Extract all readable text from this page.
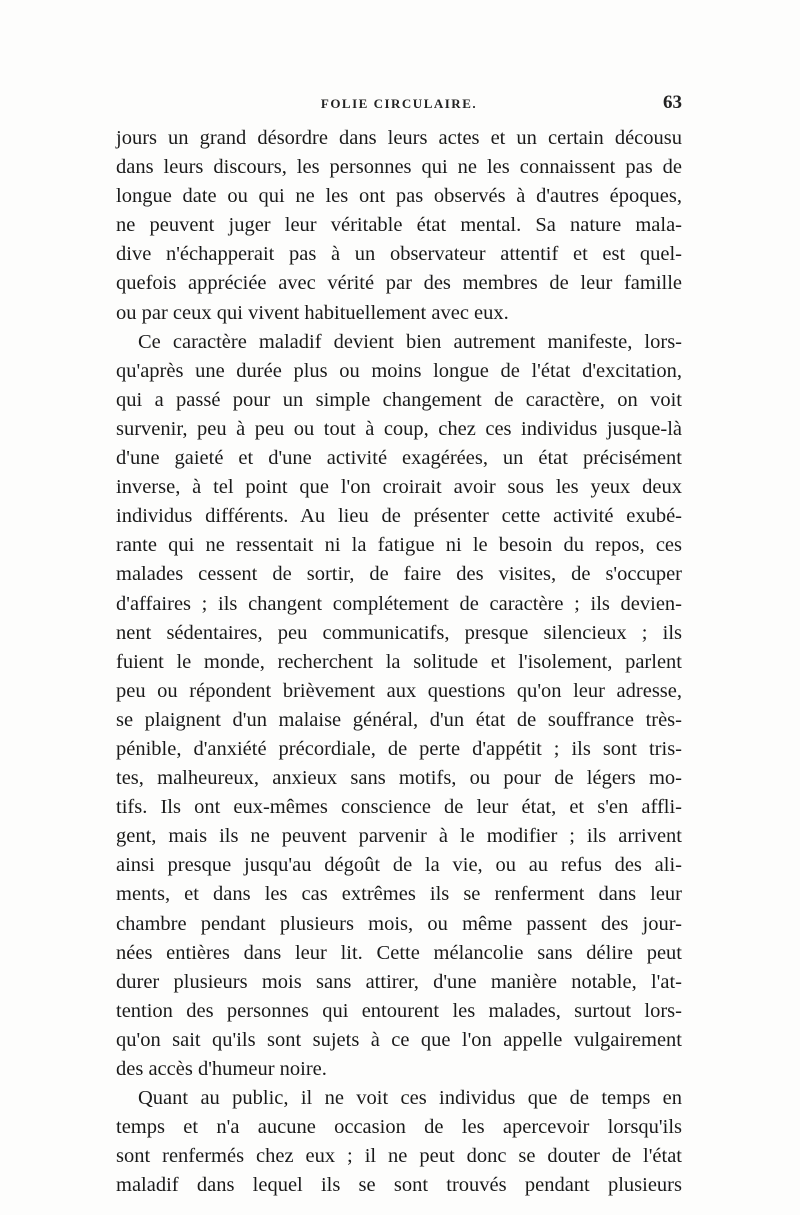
FOLIE CIRCULAIRE.	63
jours un grand désordre dans leurs actes et un certain décousu
dans leurs discours, les personnes qui ne les connaissent pas de
longue date ou qui ne les ont pas observés à d'autres époques,
ne peuvent juger leur véritable état mental. Sa nature mala-
dive n'échapperait pas à un observateur attentif et est quel-
quefois appréciée avec vérité par des membres de leur famille
ou par ceux qui vivent habituellement avec eux.
Ce caractère maladif devient bien autrement manifeste, lors-
qu'après une durée plus ou moins longue de l'état d'excitation,
qui a passé pour un simple changement de caractère, on voit
survenir, peu à peu ou tout à coup, chez ces individus jusque-là
d'une gaieté et d'une activité exagérées, un état précisément
inverse, à tel point que l'on croirait avoir sous les yeux deux
individus différents. Au lieu de présenter cette activité exubé-
rante qui ne ressentait ni la fatigue ni le besoin du repos, ces
malades cessent de sortir, de faire des visites, de s'occuper
d'affaires ; ils changent complétement de caractère ; ils devien-
nent sédentaires, peu communicatifs, presque silencieux ; ils
fuient le monde, recherchent la solitude et l'isolement, parlent
peu ou répondent brièvement aux questions qu'on leur adresse,
se plaignent d'un malaise général, d'un état de souffrance très-
pénible, d'anxiété précordiale, de perte d'appétit ; ils sont tris-
tes, malheureux, anxieux sans motifs, ou pour de légers mo-
tifs. Ils ont eux-mêmes conscience de leur état, et s'en affli-
gent, mais ils ne peuvent parvenir à le modifier ; ils arrivent
ainsi presque jusqu'au dégoût de la vie, ou au refus des ali-
ments, et dans les cas extrêmes ils se renferment dans leur
chambre pendant plusieurs mois, ou même passent des jour-
nées entières dans leur lit. Cette mélancolie sans délire peut
durer plusieurs mois sans attirer, d'une manière notable, l'at-
tention des personnes qui entourent les malades, surtout lors-
qu'on sait qu'ils sont sujets à ce que l'on appelle vulgairement
des accès d'humeur noire.
Quant au public, il ne voit ces individus que de temps en
temps et n'a aucune occasion de les apercevoir lorsqu'ils
sont renfermés chez eux ; il ne peut donc se douter de l'état
maladif dans lequel ils se sont trouvés pendant plusieurs
